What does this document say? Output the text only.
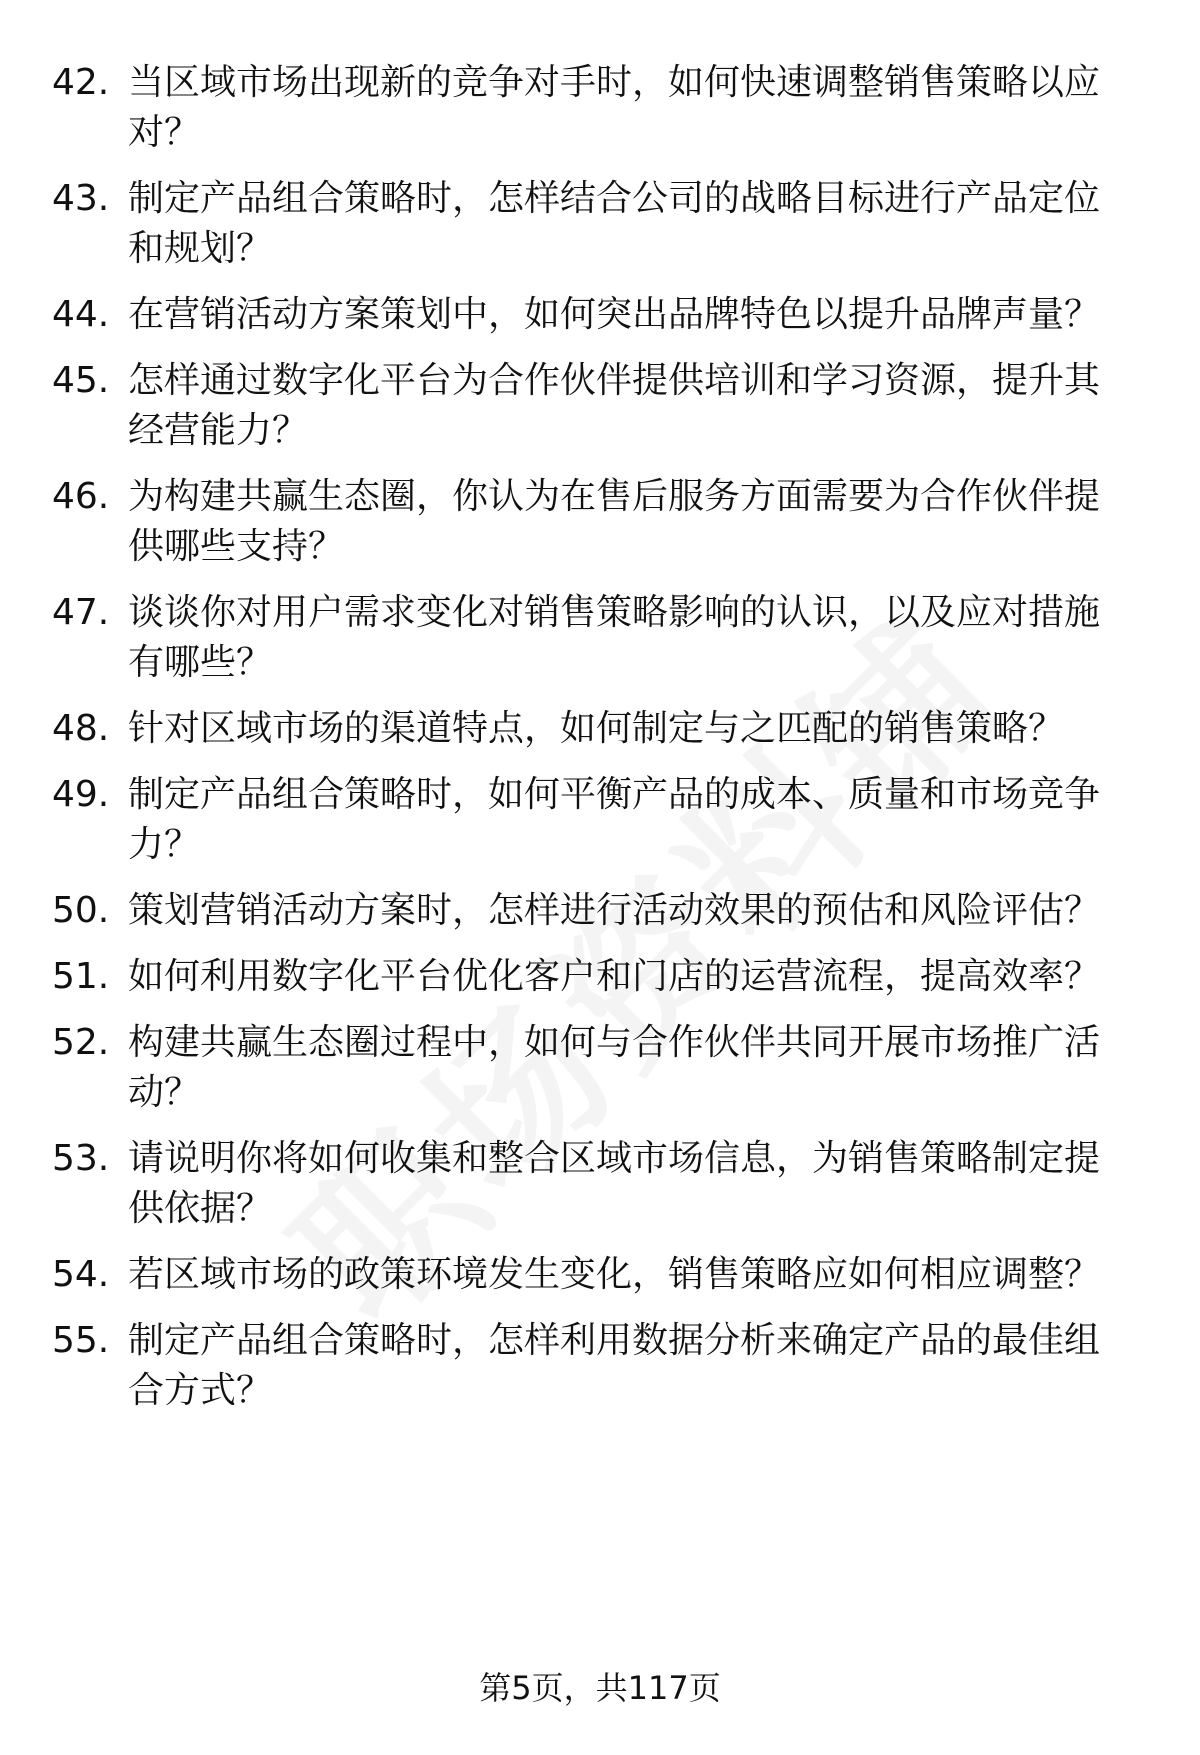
42. 当区域市场出现新的竞争对手时，如何快速调整销售策略以应对？
43. 制定产品组合策略时，怎样结合公司的战略目标进行产品定位和规划？
44. 在营销活动方案策划中，如何突出品牌特色以提升品牌声量？
45. 怎样通过数字化平台为合作伙伴提供培训和学习资源，提升其经营能力？
46. 为构建共赢生态圈，你认为在售后服务方面需要为合作伙伴提供哪些支持？
47. 谈谈你对用户需求变化对销售策略影响的认识，以及应对措施有哪些？
48. 针对区域市场的渠道特点，如何制定与之匹配的销售策略？
49. 制定产品组合策略时，如何平衡产品的成本、质量和市场竞争力？
50. 策划营销活动方案时，怎样进行活动效果的预估和风险评估？
51. 如何利用数字化平台优化客户和门店的运营流程，提高效率？
52. 构建共赢生态圈过程中，如何与合作伙伴共同开展市场推广活动？
53. 请说明你将如何收集和整合区域市场信息，为销售策略制定提供依据？
54. 若区域市场的政策环境发生变化，销售策略应如何相应调整？
55. 制定产品组合策略时，怎样利用数据分析来确定产品的最佳组合方式？
第5页，共117页
